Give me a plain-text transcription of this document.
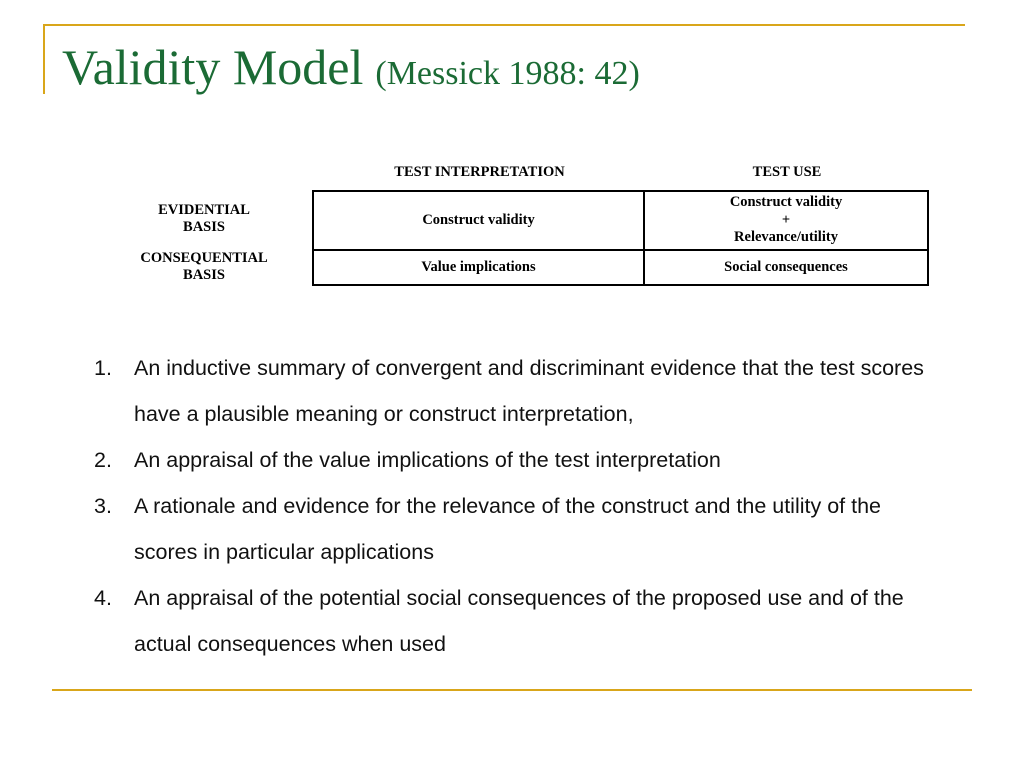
Validity Model (Messick 1988: 42)
TEST INTERPRETATION	TEST USE
EVIDENTIAL
BASIS
CONSEQUENTIAL
BASIS
Construct validity
Construct validity
+
Relevance/utility
Value implications	Social consequences
1. An inductive summary of convergent and discriminant evidence that the test scores have a plausible meaning or construct interpretation,
2. An appraisal of the value implications of the test interpretation
3. A rationale and evidence for the relevance of the construct and the utility of the scores in particular applications
4. An appraisal of the potential social consequences of the proposed use and of the actual consequences when used
